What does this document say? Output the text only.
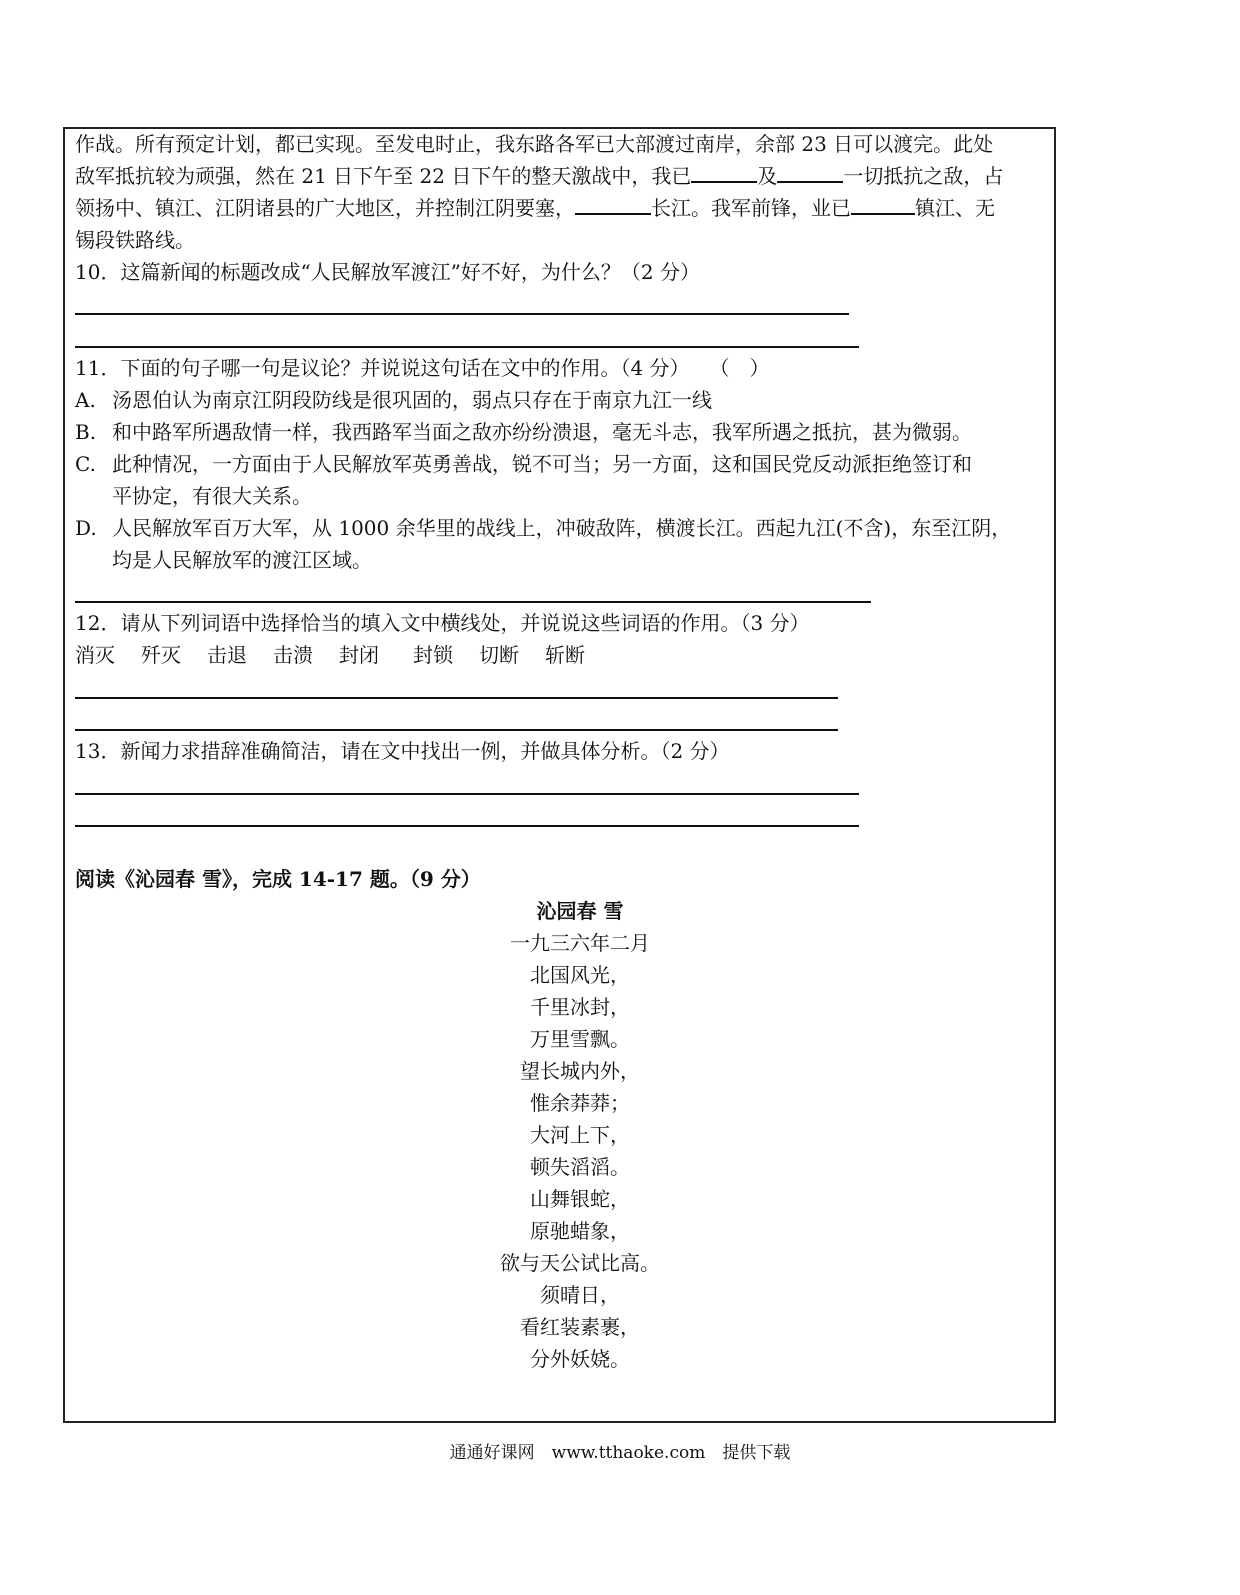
作战。所有预定计划，都已实现。至发电时止，我东路各军已大部渡过南岸，余部 23 日可以渡完。此处
敌军抵抗较为顽强，然在 21 日下午至 22 日下午的整天激战中，我已	及	一切抵抗之敌，占
领扬中、镇江、江阴诸县的广大地区，并控制江阴要塞，	长江。我军前锋，业已	镇江、无
锡段铁路线。
10．这篇新闻的标题改成“人民解放军渡江”好不好，为什么？（2 分）
11．下面的句子哪一句是议论？并说说这句话在文中的作用。（4 分）　　（　）
A. 汤恩伯认为南京江阴段防线是很巩固的，弱点只存在于南京九江一线
B. 和中路军所遇敌情一样，我西路军当面之敌亦纷纷溃退，毫无斗志，我军所遇之抵抗，甚为微弱。
C. 此种情况，一方面由于人民解放军英勇善战，锐不可当；另一方面，这和国民党反动派拒绝签订和
平协定，有很大关系。
D. 人民解放军百万大军，从 1000 余华里的战线上，冲破敌阵，横渡长江。西起九江(不含)，东至江阴，
均是人民解放军的渡江区域。
12．请从下列词语中选择恰当的填入文中横线处，并说说这些词语的作用。（3 分）
消灭 歼灭 击退 击溃 封闭 封锁 切断 斩断
13．新闻力求措辞准确简洁，请在文中找出一例，并做具体分析。（2 分）
阅读《沁园春 雪》，完成 14-17 题。（9 分）
沁园春 雪
一九三六年二月
北国风光，
千里冰封，
万里雪飘。
望长城内外，
惟余莽莽；
大河上下，
顿失滔滔。
山舞银蛇，
原驰蜡象，
欲与天公试比高。
须晴日，
看红装素裹，
分外妖娆。
通通好课网　www.tthaoke.com　提供下载
